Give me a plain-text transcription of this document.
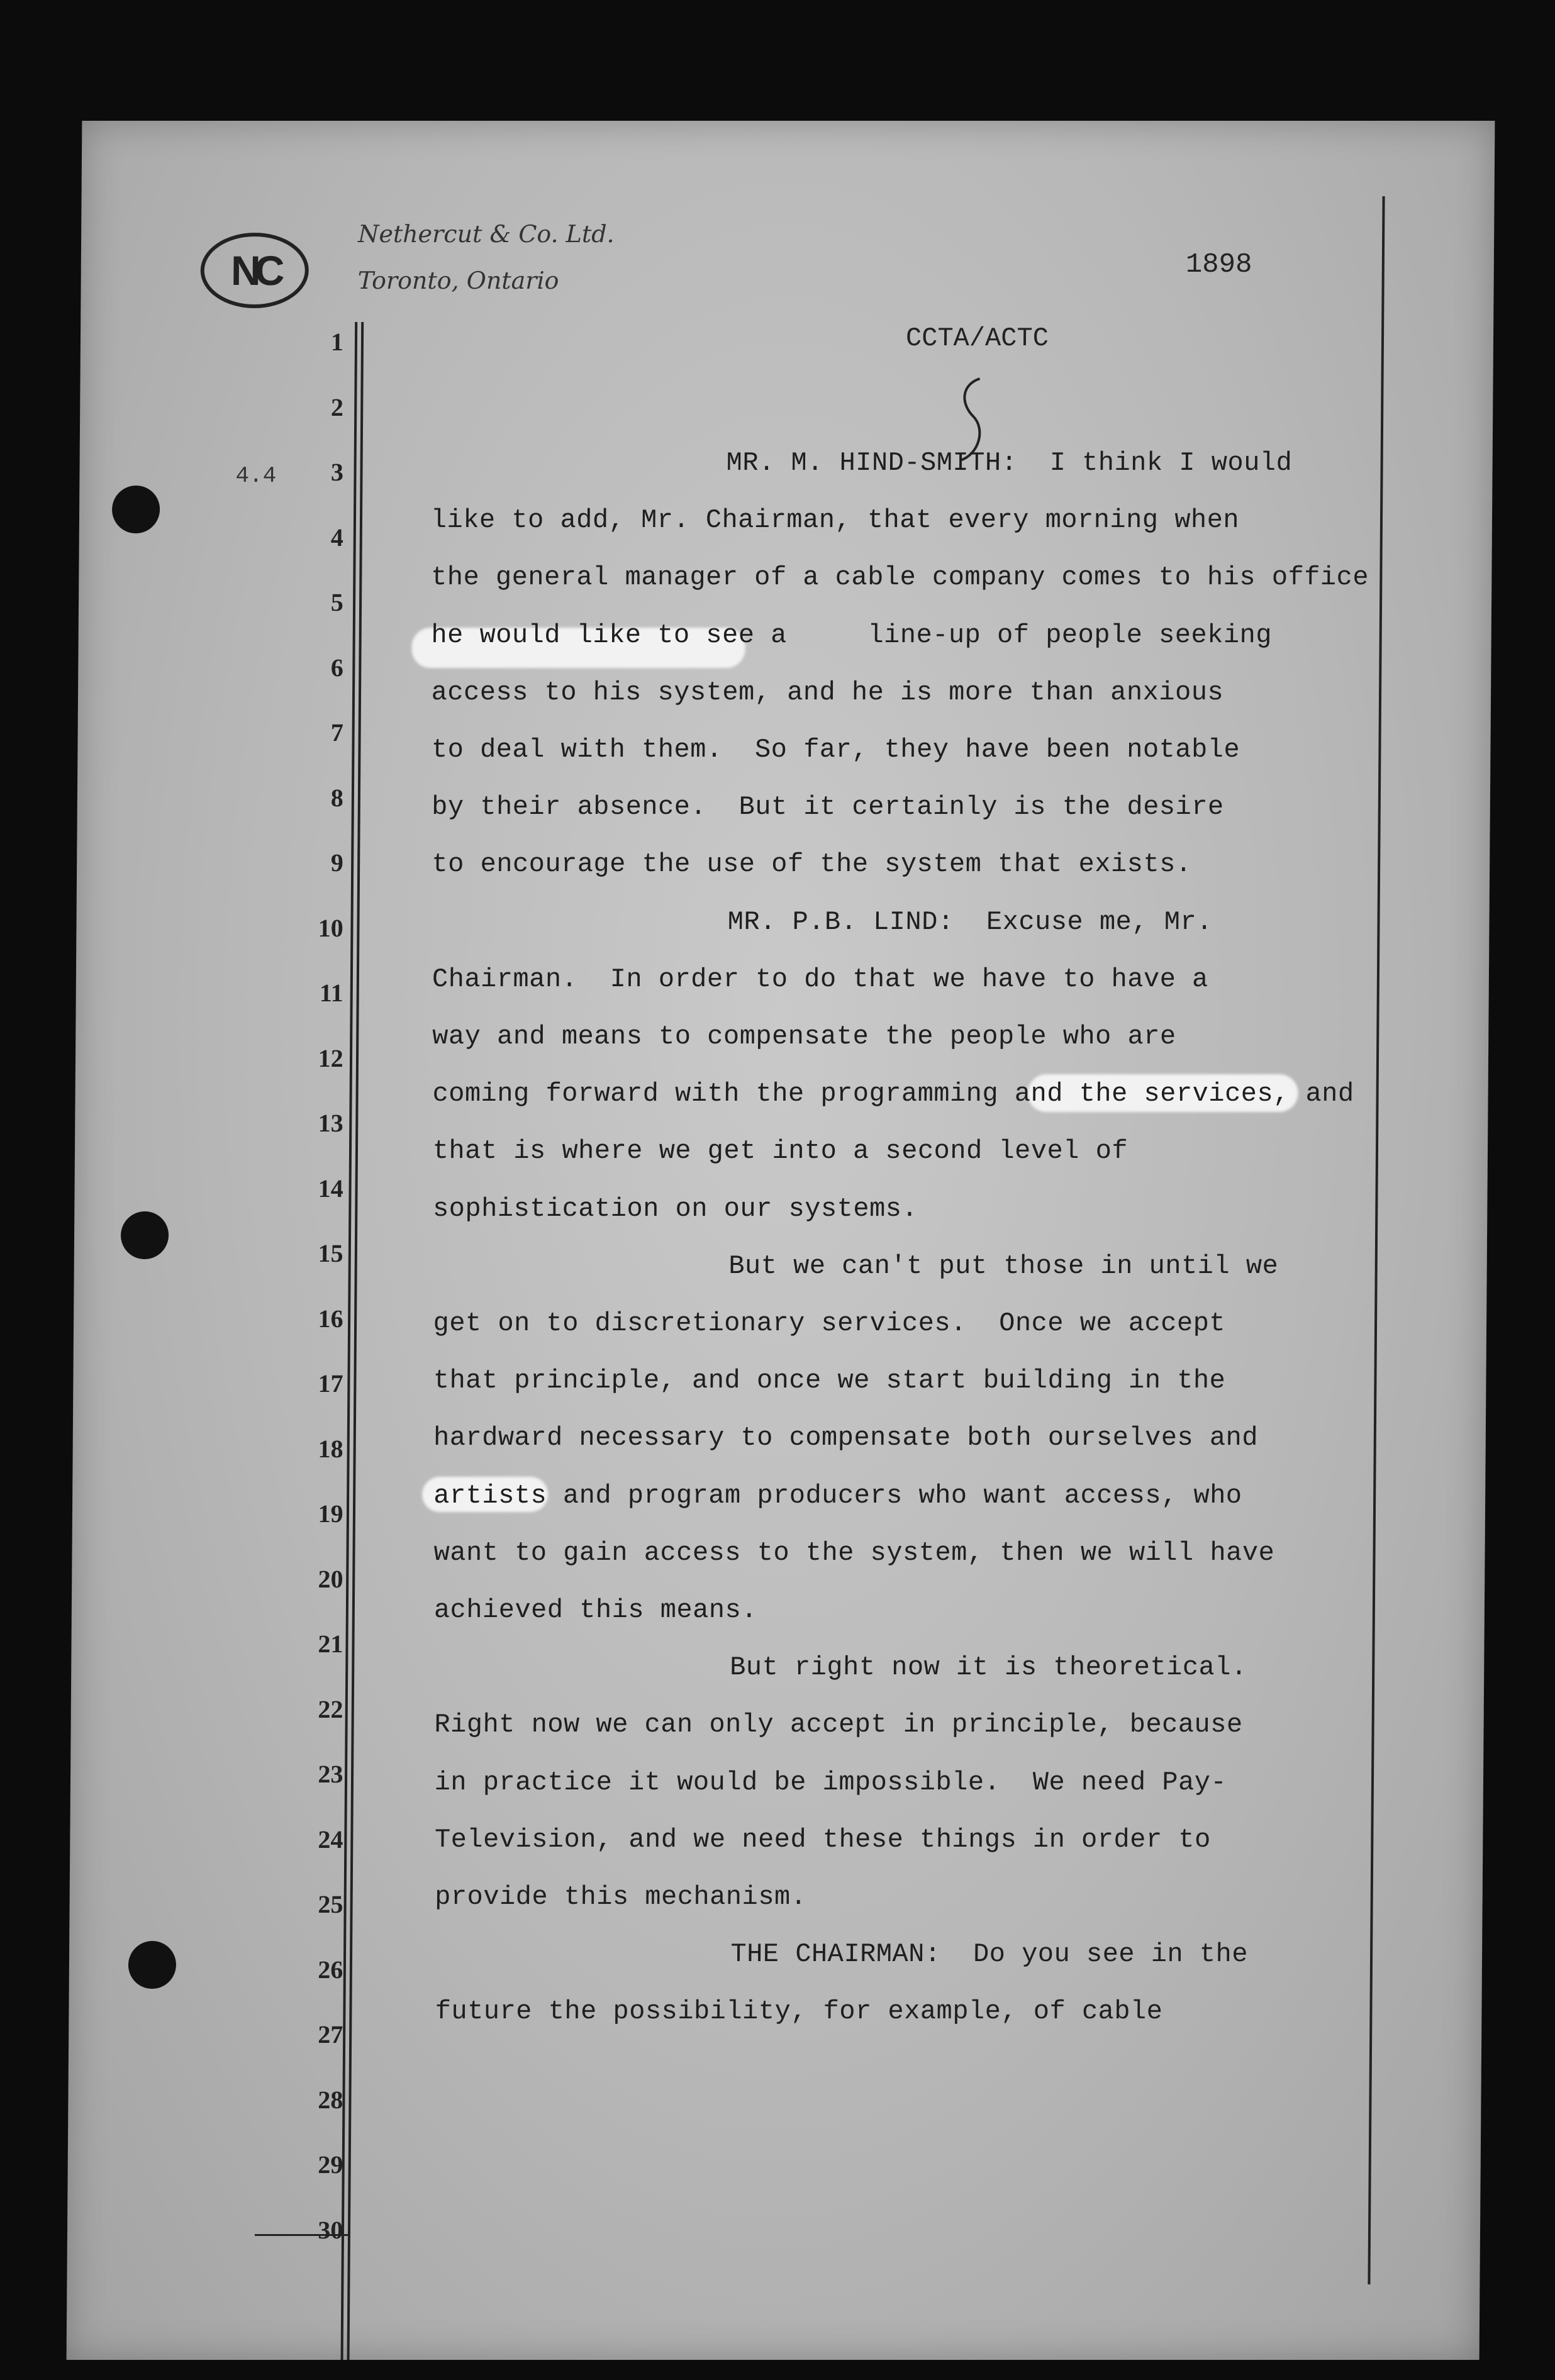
NC
Nethercut & Co. Ltd.
Toronto, Ontario	1898
CCTA/ACTC
4.4
1
2
3
4
5
6
7
8
9
10
11
12
13
14
15
16
17
18
19
20
21
22
23
24
25
26
27
28
29
30
MR. M. HIND-SMITH:  I think I would
like to add, Mr. Chairman, that every morning when
the general manager of a cable company comes to his office
he would like to see a     line-up of people seeking
access to his system, and he is more than anxious
to deal with them.  So far, they have been notable
by their absence.  But it certainly is the desire
to encourage the use of the system that exists.
MR. P.B. LIND:  Excuse me, Mr.
Chairman.  In order to do that we have to have a
way and means to compensate the people who are
coming forward with the programming and the services, and
that is where we get into a second level of
sophistication on our systems.
But we can't put those in until we
get on to discretionary services.  Once we accept
that principle, and once we start building in the
hardward necessary to compensate both ourselves and
artists and program producers who want access, who
want to gain access to the system, then we will have
achieved this means.
But right now it is theoretical.
Right now we can only accept in principle, because
in practice it would be impossible.  We need Pay-
Television, and we need these things in order to
provide this mechanism.
THE CHAIRMAN:  Do you see in the
future the possibility, for example, of cable
